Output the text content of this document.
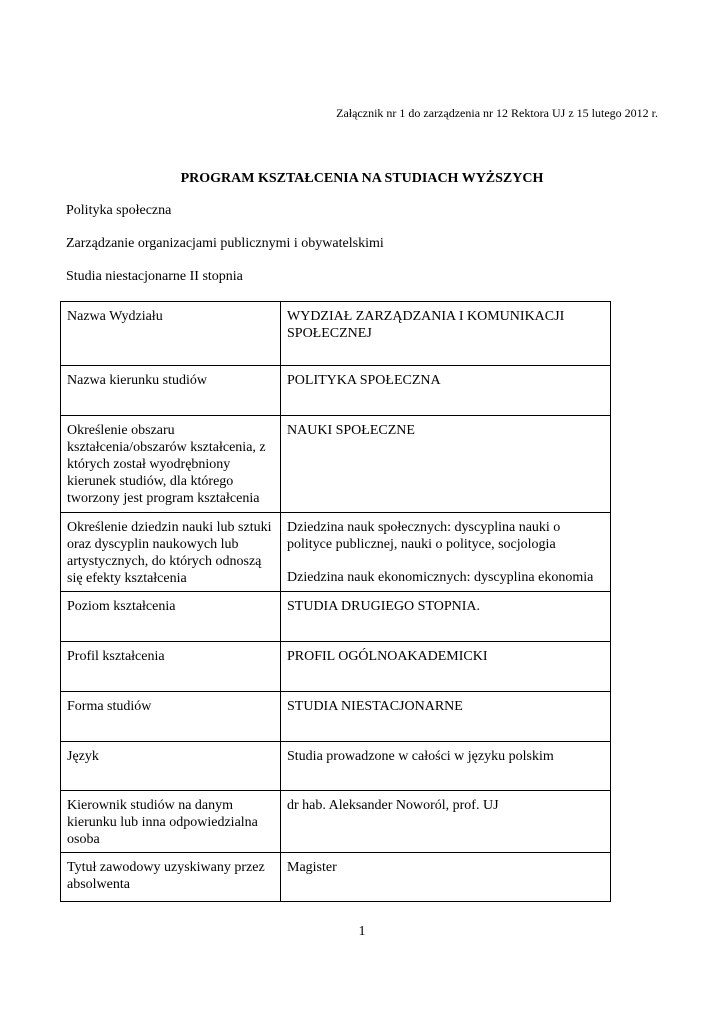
Załącznik nr 1 do zarządzenia nr 12 Rektora UJ z 15 lutego 2012 r.
PROGRAM KSZTAŁCENIA NA STUDIACH WYŻSZYCH
Polityka społeczna
Zarządzanie organizacjami publicznymi i obywatelskimi
Studia niestacjonarne II stopnia
Nazwa Wydziału	WYDZIAŁ ZARZĄDZANIA I KOMUNIKACJI SPOŁECZNEJ
Nazwa kierunku studiów	POLITYKA SPOŁECZNA
Określenie obszaru kształcenia/obszarów kształcenia, z których został wyodrębniony kierunek studiów, dla którego tworzony jest program kształcenia	NAUKI SPOŁECZNE
Określenie dziedzin nauki lub sztuki oraz dyscyplin naukowych lub artystycznych, do których odnoszą się efekty kształcenia	Dziedzina nauk społecznych: dyscyplina nauki o polityce publicznej, nauki o polityce, socjologia
Dziedzina nauk ekonomicznych: dyscyplina ekonomia

Poziom kształcenia	STUDIA DRUGIEGO STOPNIA.
Profil kształcenia	PROFIL OGÓLNOAKADEMICKI
Forma studiów	STUDIA NIESTACJONARNE
Język	Studia prowadzone w całości w języku polskim
Kierownik studiów na danym kierunku lub inna odpowiedzialna osoba	dr hab. Aleksander Noworól, prof. UJ
Tytuł zawodowy uzyskiwany przez absolwenta	Magister
1
